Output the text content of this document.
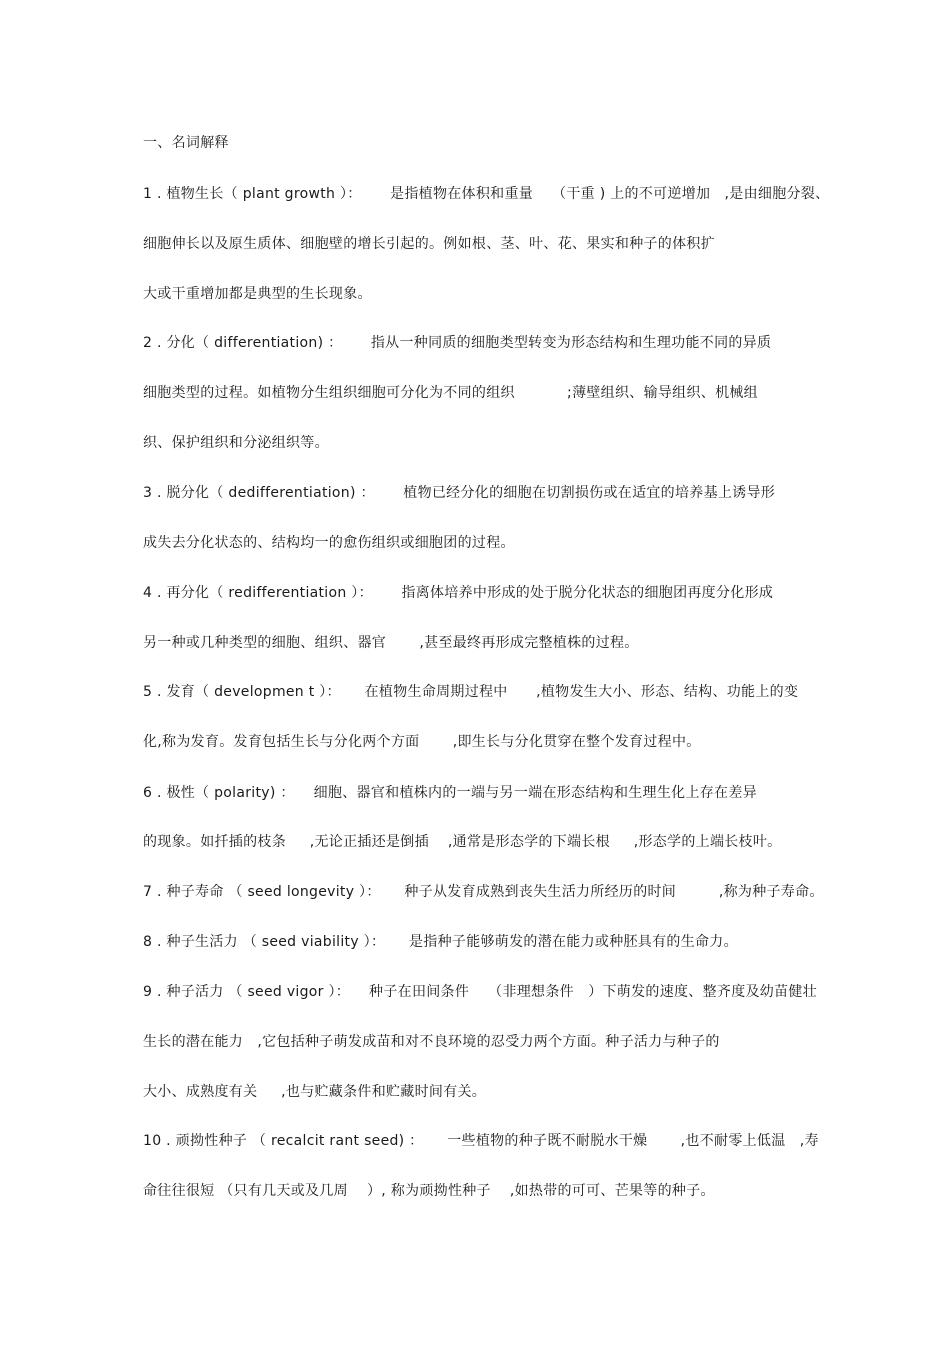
一、名词解释
1 . 植物生长（ plant growth ）：      是指植物在体积和重量    （干重 ) 上的不可逆增加   ,是由细胞分裂、
细胞伸长以及原生质体、细胞壁的增长引起的。例如根、茎、叶、花、果实和种子的体积扩
大或干重增加都是典型的生长现象。
2 . 分化（ differentiation) ：      指从一种同质的细胞类型转变为形态结构和生理功能不同的异质
细胞类型的过程。如植物分生组织细胞可分化为不同的组织           ;薄壁组织、输导组织、机械组
织、保护组织和分泌组织等。
3 . 脱分化（ dedifferentiation) ：      植物已经分化的细胞在切割损伤或在适宜的培养基上诱导形
成失去分化状态的、结构均一的愈伤组织或细胞团的过程。
4 . 再分化（ redifferentiation ）：      指离体培养中形成的处于脱分化状态的细胞团再度分化形成
另一种或几种类型的细胞、组织、器官       ,甚至最终再形成完整植株的过程。
5 . 发育（ developmen t ）：     在植物生命周期过程中      ,植物发生大小、形态、结构、功能上的变
化,称为发育。发育包括生长与分化两个方面       ,即生长与分化贯穿在整个发育过程中。
6 . 极性（ polarity) ：    细胞、器官和植株内的一端与另一端在形态结构和生理生化上存在差异
的现象。如扦插的枝条     ,无论正插还是倒插    ,通常是形态学的下端长根     ,形态学的上端长枝叶。
7 . 种子寿命 （ seed longevity ）：     种子从发育成熟到丧失生活力所经历的时间         ,称为种子寿命。
8 . 种子生活力 （ seed viability ）：     是指种子能够萌发的潜在能力或种胚具有的生命力。
9 . 种子活力 （ seed vigor ）：    种子在田间条件    （非理想条件   ）下萌发的速度、整齐度及幼苗健壮
生长的潜在能力   ,它包括种子萌发成苗和对不良环境的忍受力两个方面。种子活力与种子的
大小、成熟度有关     ,也与贮藏条件和贮藏时间有关。
10 . 顽拗性种子 （ recalcit rant seed) ：     一些植物的种子既不耐脱水干燥       ,也不耐零上低温   ,寿
命往往很短 （只有几天或及几周    ）, 称为顽拗性种子    ,如热带的可可、芒果等的种子。
